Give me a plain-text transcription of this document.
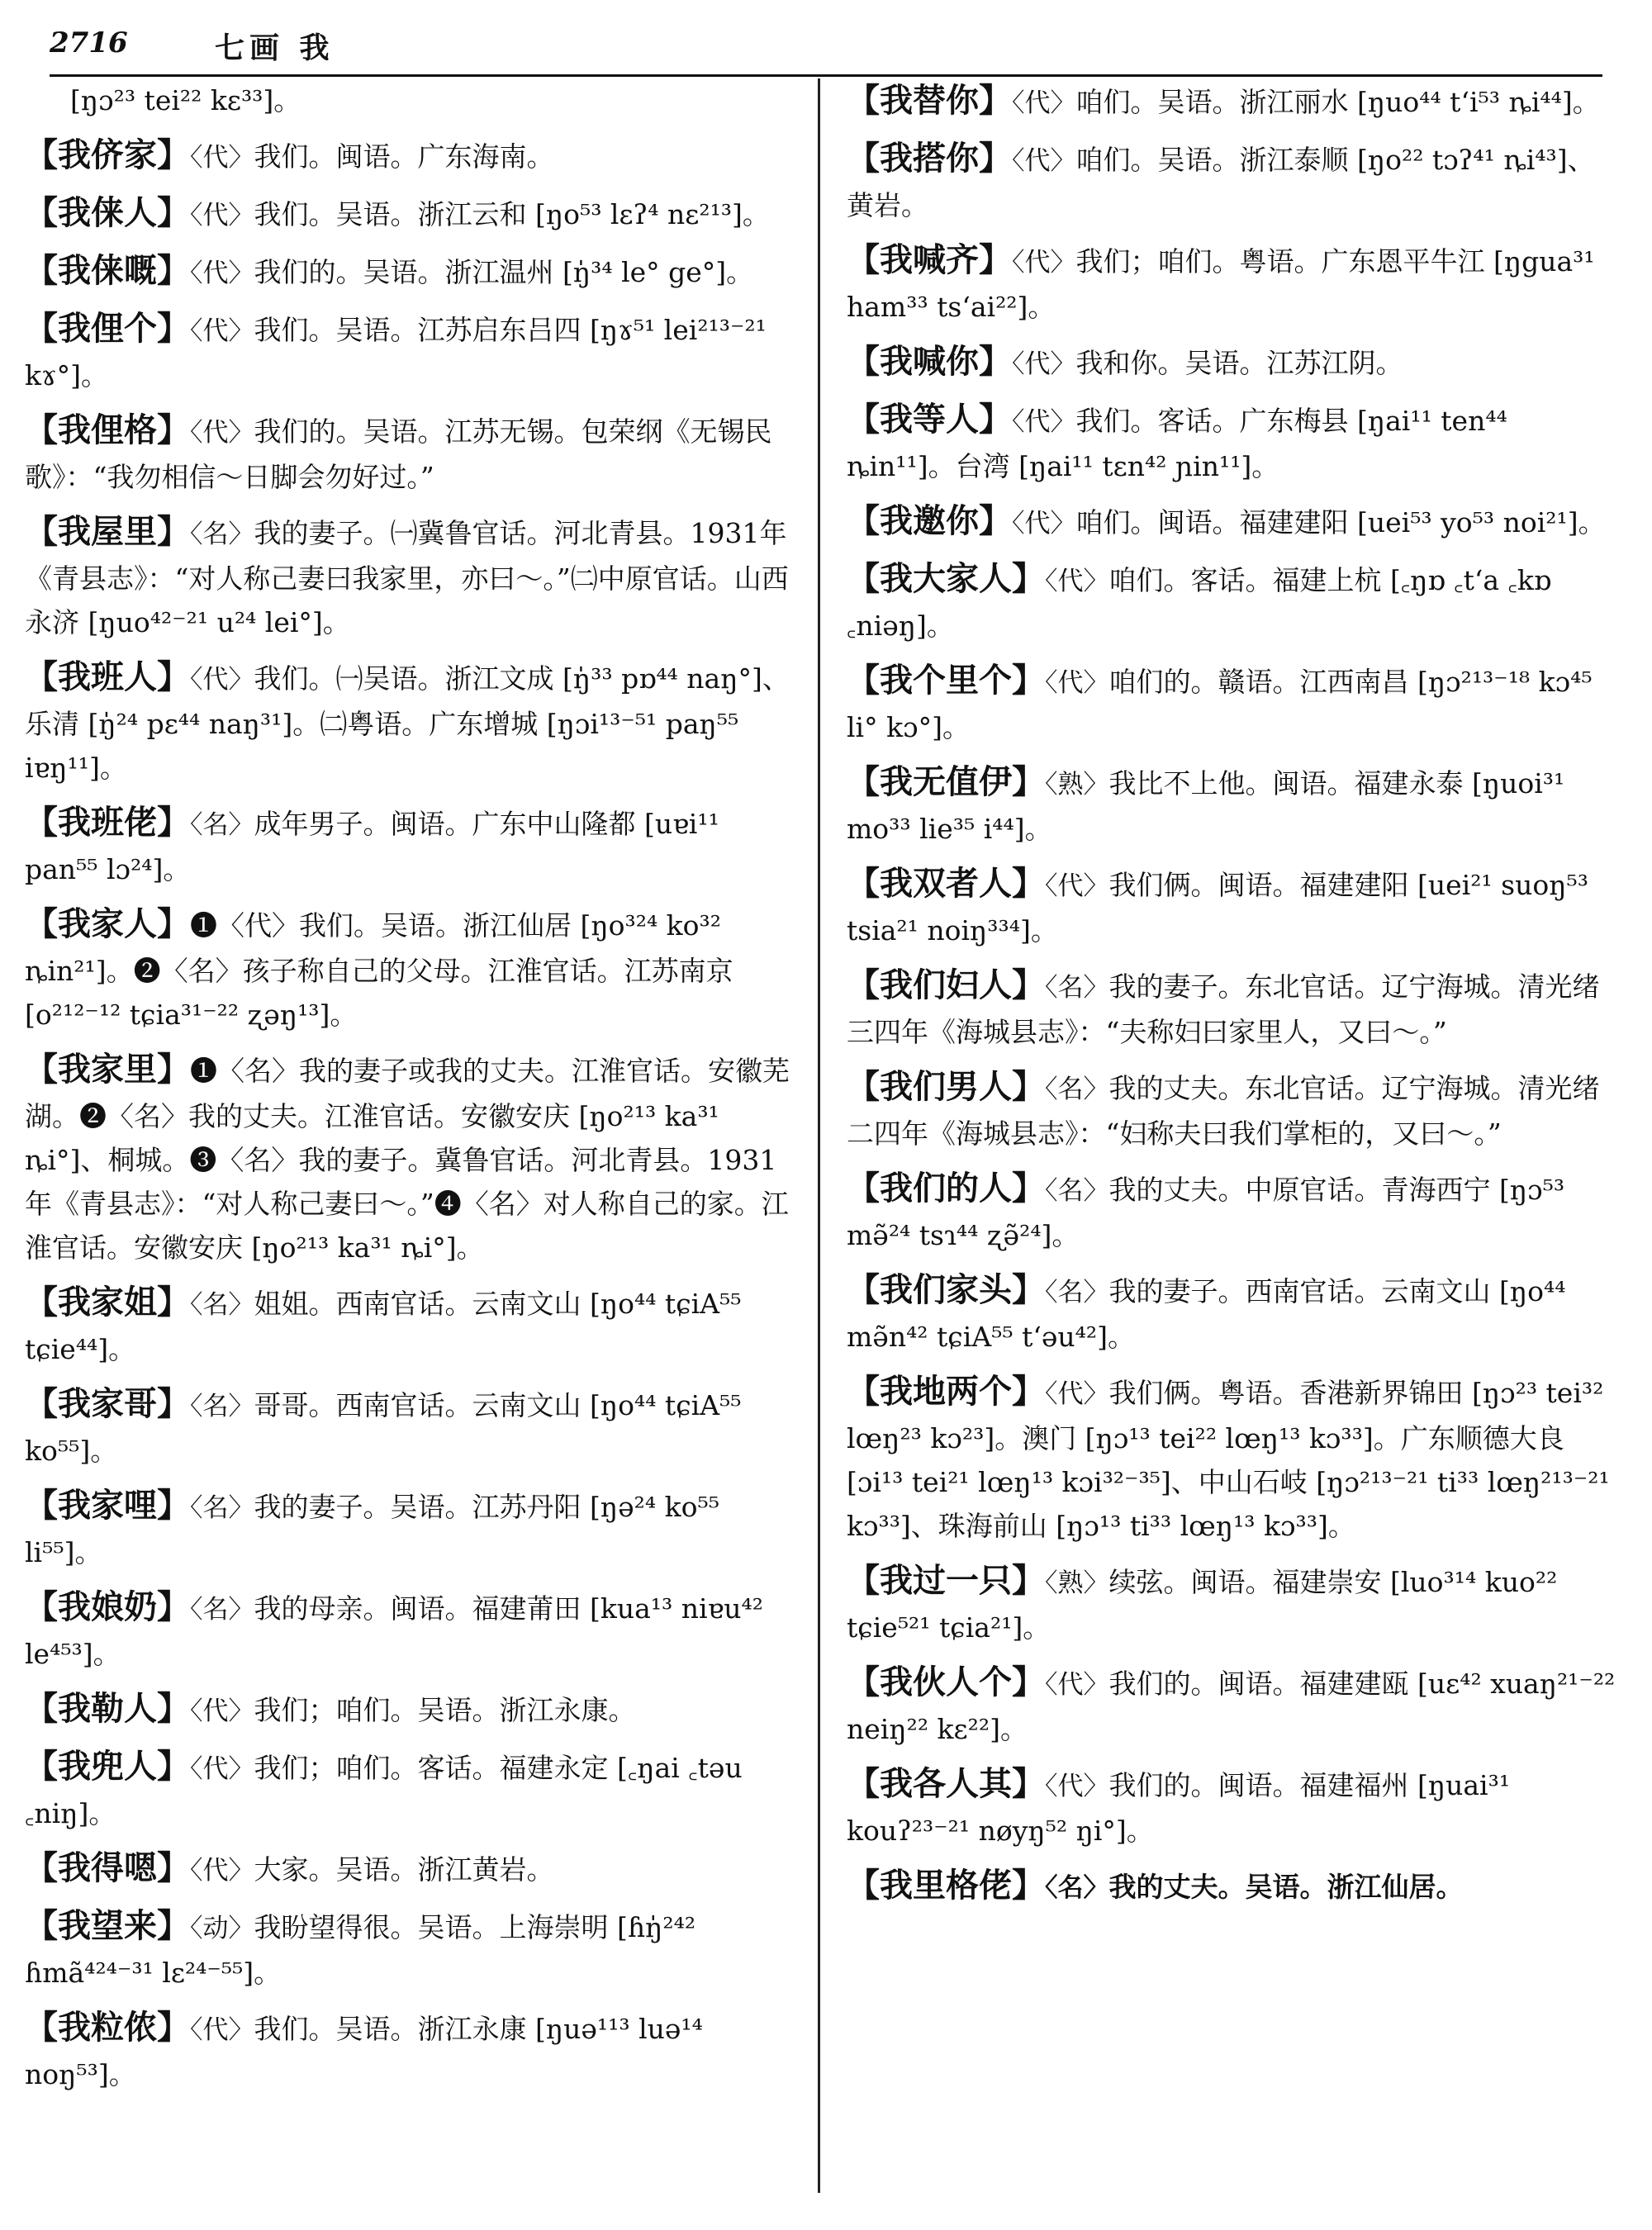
2716	七画 我
[ŋɔ²³ tei²² kɛ³³]。
【我侪家】〈代〉我们。闽语。广东海南。
【我俫人】〈代〉我们。吴语。浙江云和 [ŋo⁵³ lɛʔ⁴ nɛ²¹³]。
【我俫嘅】〈代〉我们的。吴语。浙江温州 [ŋ̍³⁴ le° ge°]。
【我俚个】〈代〉我们。吴语。江苏启东吕四 [ŋɤ⁵¹ lei²¹³⁻²¹ kɤ°]。
【我俚格】〈代〉我们的。吴语。江苏无锡。包荣纲《无锡民歌》：“我勿相信～日脚会勿好过。”
【我屋里】〈名〉我的妻子。㈠冀鲁官话。河北青县。1931年《青县志》：“对人称己妻曰我家里，亦曰～。”㈡中原官话。山西永济 [ŋuo⁴²⁻²¹ u²⁴ lei°]。
【我班人】〈代〉我们。㈠吴语。浙江文成 [ŋ̍³³ pɒ⁴⁴ naŋ°]、乐清 [ŋ̍²⁴ pɛ⁴⁴ naŋ³¹]。㈡粤语。广东增城 [ŋɔi¹³⁻⁵¹ paŋ⁵⁵ iɐŋ¹¹]。
【我班佬】〈名〉成年男子。闽语。广东中山隆都 [uɐi¹¹ pan⁵⁵ lɔ²⁴]。
【我家人】❶〈代〉我们。吴语。浙江仙居 [ŋo³²⁴ ko³² ȵin²¹]。❷〈名〉孩子称自己的父母。江淮官话。江苏南京 [o²¹²⁻¹² tɕia³¹⁻²² ʐəŋ¹³]。
【我家里】❶〈名〉我的妻子或我的丈夫。江淮官话。安徽芜湖。❷〈名〉我的丈夫。江淮官话。安徽安庆 [ŋo²¹³ ka³¹ ȵi°]、桐城。❸〈名〉我的妻子。冀鲁官话。河北青县。1931年《青县志》：“对人称己妻曰～。”❹〈名〉对人称自己的家。江淮官话。安徽安庆 [ŋo²¹³ ka³¹ ȵi°]。
【我家姐】〈名〉姐姐。西南官话。云南文山 [ŋo⁴⁴ tɕiA⁵⁵ tɕie⁴⁴]。
【我家哥】〈名〉哥哥。西南官话。云南文山 [ŋo⁴⁴ tɕiA⁵⁵ ko⁵⁵]。
【我家哩】〈名〉我的妻子。吴语。江苏丹阳 [ŋə²⁴ ko⁵⁵ li⁵⁵]。
【我娘奶】〈名〉我的母亲。闽语。福建莆田 [kua¹³ niɐu⁴² le⁴⁵³]。
【我勒人】〈代〉我们；咱们。吴语。浙江永康。
【我兜人】〈代〉我们；咱们。客话。福建永定 [꜀ŋai ꜀təu ꜀niŋ]。
【我得嗯】〈代〉大家。吴语。浙江黄岩。
【我望来】〈动〉我盼望得很。吴语。上海崇明 [ɦŋ̍²⁴² ɦmã⁴²⁴⁻³¹ lɛ²⁴⁻⁵⁵]。
【我粒侬】〈代〉我们。吴语。浙江永康 [ŋuə¹¹³ luə¹⁴ noŋ⁵³]。
【我替你】〈代〉咱们。吴语。浙江丽水 [ŋuo⁴⁴ tʻi⁵³ ȵi⁴⁴]。
【我搭你】〈代〉咱们。吴语。浙江泰顺 [ŋo²² tɔʔ⁴¹ ȵi⁴³]、黄岩。
【我喊齐】〈代〉我们；咱们。粤语。广东恩平牛江 [ŋgua³¹ ham³³ tsʻai²²]。
【我喊你】〈代〉我和你。吴语。江苏江阴。
【我等人】〈代〉我们。客话。广东梅县 [ŋai¹¹ ten⁴⁴ ȵin¹¹]。台湾 [ŋai¹¹ tɛn⁴² ɲin¹¹]。
【我邀你】〈代〉咱们。闽语。福建建阳 [uei⁵³ yo⁵³ noi²¹]。
【我大家人】〈代〉咱们。客话。福建上杭 [꜀ŋɒ ꜀tʻa ꜀kɒ ꜀niəŋ]。
【我个里个】〈代〉咱们的。赣语。江西南昌 [ŋɔ²¹³⁻¹⁸ kɔ⁴⁵ li° kɔ°]。
【我无值伊】〈熟〉我比不上他。闽语。福建永泰 [ŋuoi³¹ mo³³ lie³⁵ i⁴⁴]。
【我双者人】〈代〉我们俩。闽语。福建建阳 [uei²¹ suoŋ⁵³ tsia²¹ noiŋ³³⁴]。
【我们妇人】〈名〉我的妻子。东北官话。辽宁海城。清光绪三四年《海城县志》：“夫称妇曰家里人，又曰～。”
【我们男人】〈名〉我的丈夫。东北官话。辽宁海城。清光绪二四年《海城县志》：“妇称夫曰我们掌柜的，又曰～。”
【我们的人】〈名〉我的丈夫。中原官话。青海西宁 [ŋɔ⁵³ mə̃²⁴ tsɿ⁴⁴ ʐə̃²⁴]。
【我们家头】〈名〉我的妻子。西南官话。云南文山 [ŋo⁴⁴ mə̃n⁴² tɕiA⁵⁵ tʻəu⁴²]。
【我地两个】〈代〉我们俩。粤语。香港新界锦田 [ŋɔ²³ tei³² lœŋ²³ kɔ²³]。澳门 [ŋɔ¹³ tei²² lœŋ¹³ kɔ³³]。广东顺德大良 [ɔi¹³ tei²¹ lœŋ¹³ kɔi³²⁻³⁵]、中山石岐 [ŋɔ²¹³⁻²¹ ti³³ lœŋ²¹³⁻²¹ kɔ³³]、珠海前山 [ŋɔ¹³ ti³³ lœŋ¹³ kɔ³³]。
【我过一只】〈熟〉续弦。闽语。福建崇安 [luo³¹⁴ kuo²² tɕie⁵²¹ tɕia²¹]。
【我伙人个】〈代〉我们的。闽语。福建建瓯 [uɛ⁴² xuaŋ²¹⁻²² neiŋ²² kɛ²²]。
【我各人其】〈代〉我们的。闽语。福建福州 [ŋuai³¹ kouʔ²³⁻²¹ nøyŋ⁵² ŋi°]。
【我里格佬】〈名〉我的丈夫。吴语。浙江仙居。
